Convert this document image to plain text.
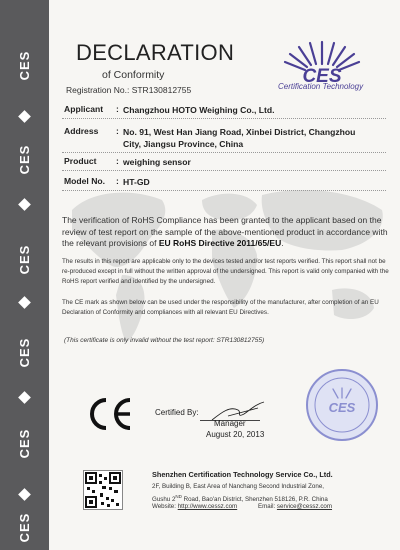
CES
CES
CES
CES
CES
CES
DECLARATION
of Conformity
Registration No.: STR130812755
CES
Certification Technology
Applicant	: Changzhou HOTO Weighing Co., Ltd.
Address	: No. 91, West Han Jiang Road, Xinbei District, Changzhou City, Jiangsu Province, China
Product	: weighing sensor
Model No.	: HT-GD
The verification of RoHS Compliance has been granted to the applicant based on the review of test report on the sample of the above-mentioned product in accordance with the relevant provisions of EU RoHS Directive 2011/65/EU.
The results in this report are applicable only to the devices tested and/or test reports verified. This report shall not be re-produced except in full without the written approval of the undersigned. This report is valid only companied with the RoHS report verified and identified by the undersigned.
The CE mark as shown below can be used under the responsibility of the manufacturer, after completion of an EU Declaration of Conformity and compliances with all relevant EU Directives.
(This certificate is only invalid without the test report: STR130812755)
Certified By:
Manager
August 20, 2013
CES
Shenzhen Certification Technology Service Co., Ltd.
2F, Building B, East Area of Nanchang Second Industrial Zone,
Gushu 2ND Road, Bao'an District, Shenzhen 518126, P.R. China
Website: http://www.cessz.com	Email: service@cessz.com
